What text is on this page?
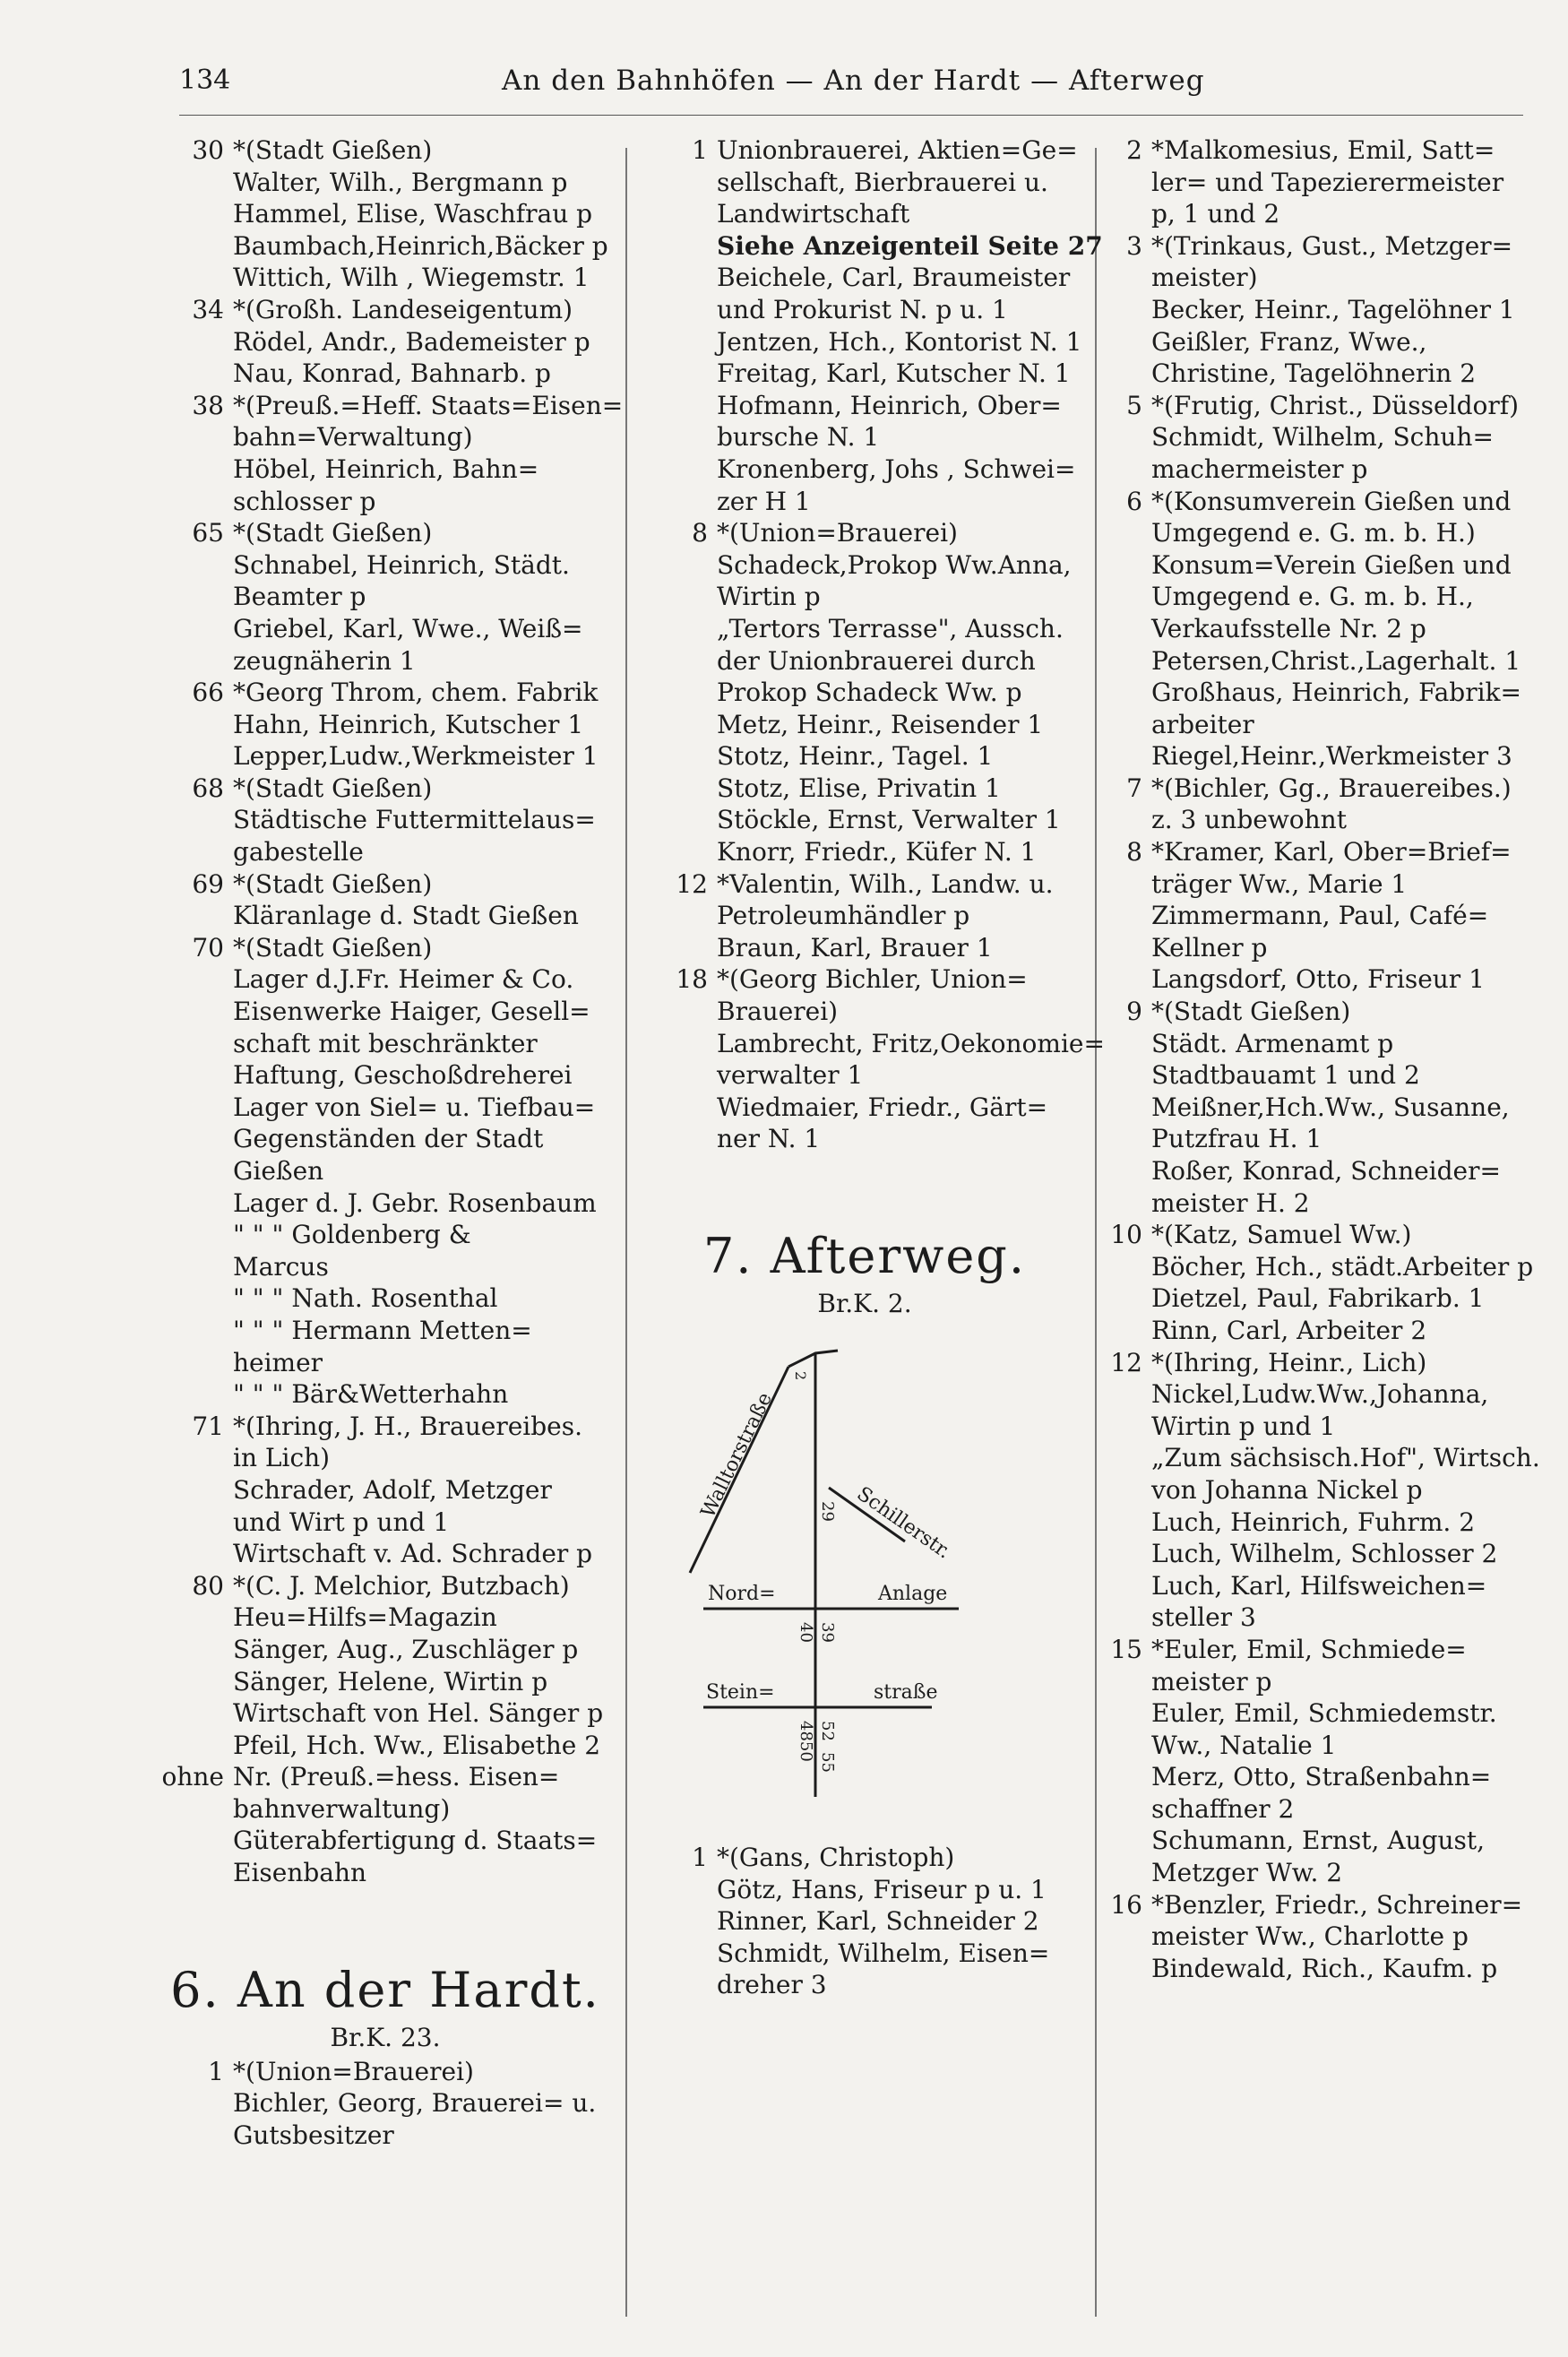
134	An den Bahnhöfen — An der Hardt — Afterweg
30 *(Stadt Gießen)
Walter, Wilh., Bergmann p
Hammel, Elise, Waschfrau p
Baumbach,Heinrich,Bäcker p
Wittich, Wilh , Wiegemstr. 1
34 *(Großh. Landeseigentum)
Rödel, Andr., Bademeister p
Nau, Konrad, Bahnarb. p
38 *(Preuß.=Heff. Staats=Eisen=
bahn=Verwaltung)
Höbel, Heinrich, Bahn=
schlosser p
65 *(Stadt Gießen)
Schnabel, Heinrich, Städt.
Beamter p
Griebel, Karl, Wwe., Weiß=
zeugnäherin 1
66 *Georg Throm, chem. Fabrik
Hahn, Heinrich, Kutscher 1
Lepper,Ludw.,Werkmeister 1
68 *(Stadt Gießen)
Städtische Futtermittelaus=
gabestelle
69 *(Stadt Gießen)
Kläranlage d. Stadt Gießen
70 *(Stadt Gießen)
Lager d.J.Fr. Heimer & Co.
Eisenwerke Haiger, Gesell=
schaft mit beschränkter
Haftung, Geschoßdreherei
Lager von Siel= u. Tiefbau=
Gegenständen der Stadt
Gießen
Lager d. J. Gebr. Rosenbaum
" " " Goldenberg &
Marcus
" " " Nath. Rosenthal
" " " Hermann Metten=
heimer
" " " Bär&Wetterhahn
71 *(Ihring, J. H., Brauereibes.
in Lich)
Schrader, Adolf, Metzger
und Wirt p und 1
Wirtschaft v. Ad. Schrader p
80 *(C. J. Melchior, Butzbach)
Heu=Hilfs=Magazin
Sänger, Aug., Zuschläger p
Sänger, Helene, Wirtin p
Wirtschaft von Hel. Sänger p
Pfeil, Hch. Ww., Elisabethe 2
ohne Nr. (Preuß.=hess. Eisen=
bahnverwaltung)
Güterabfertigung d. Staats=
Eisenbahn
6. An der Hardt.
Br.K. 23.
1 *(Union=Brauerei)
Bichler, Georg, Brauerei= u.
Gutsbesitzer
1 Unionbrauerei, Aktien=Ge=
sellschaft, Bierbrauerei u.
Landwirtschaft
Siehe Anzeigenteil Seite 27
Beichele, Carl, Braumeister
und Prokurist N. p u. 1
Jentzen, Hch., Kontorist N. 1
Freitag, Karl, Kutscher N. 1
Hofmann, Heinrich, Ober=
bursche N. 1
Kronenberg, Johs , Schwei=
zer H 1
8 *(Union=Brauerei)
Schadeck,Prokop Ww.Anna,
Wirtin p
„Tertors Terrasse", Aussch.
der Unionbrauerei durch
Prokop Schadeck Ww. p
Metz, Heinr., Reisender 1
Stotz, Heinr., Tagel. 1
Stotz, Elise, Privatin 1
Stöckle, Ernst, Verwalter 1
Knorr, Friedr., Küfer N. 1
12 *Valentin, Wilh., Landw. u.
Petroleumhändler p
Braun, Karl, Brauer 1
18 *(Georg Bichler, Union=
Brauerei)
Lambrecht, Fritz,Oekonomie=
verwalter 1
Wiedmaier, Friedr., Gärt=
ner N. 1
7. Afterweg.
Br.K. 2.
Walltorstraße
Schillerstr.
Nord=	Anlage
Stein=	straße
2
29
40 39
4850
55
52
1 *(Gans, Christoph)
Götz, Hans, Friseur p u. 1
Rinner, Karl, Schneider 2
Schmidt, Wilhelm, Eisen=
dreher 3
2 *Malkomesius, Emil, Satt=
ler= und Tapezierermeister
p, 1 und 2
3 *(Trinkaus, Gust., Metzger=
meister)
Becker, Heinr., Tagelöhner 1
Geißler, Franz, Wwe.,
Christine, Tagelöhnerin 2
5 *(Frutig, Christ., Düsseldorf)
Schmidt, Wilhelm, Schuh=
machermeister p
6 *(Konsumverein Gießen und
Umgegend e. G. m. b. H.)
Konsum=Verein Gießen und
Umgegend e. G. m. b. H.,
Verkaufsstelle Nr. 2 p
Petersen,Christ.,Lagerhalt. 1
Großhaus, Heinrich, Fabrik=
arbeiter
Riegel,Heinr.,Werkmeister 3
7 *(Bichler, Gg., Brauereibes.)
z. 3 unbewohnt
8 *Kramer, Karl, Ober=Brief=
träger Ww., Marie 1
Zimmermann, Paul, Café=
Kellner p
Langsdorf, Otto, Friseur 1
9 *(Stadt Gießen)
Städt. Armenamt p
Stadtbauamt 1 und 2
Meißner,Hch.Ww., Susanne,
Putzfrau H. 1
Roßer, Konrad, Schneider=
meister H. 2
10 *(Katz, Samuel Ww.)
Böcher, Hch., städt.Arbeiter p
Dietzel, Paul, Fabrikarb. 1
Rinn, Carl, Arbeiter 2
12 *(Ihring, Heinr., Lich)
Nickel,Ludw.Ww.,Johanna,
Wirtin p und 1
„Zum sächsisch.Hof", Wirtsch.
von Johanna Nickel p
Luch, Heinrich, Fuhrm. 2
Luch, Wilhelm, Schlosser 2
Luch, Karl, Hilfsweichen=
steller 3
15 *Euler, Emil, Schmiede=
meister p
Euler, Emil, Schmiedemstr.
Ww., Natalie 1
Merz, Otto, Straßenbahn=
schaffner 2
Schumann, Ernst, August,
Metzger Ww. 2
16 *Benzler, Friedr., Schreiner=
meister Ww., Charlotte p
Bindewald, Rich., Kaufm. p
